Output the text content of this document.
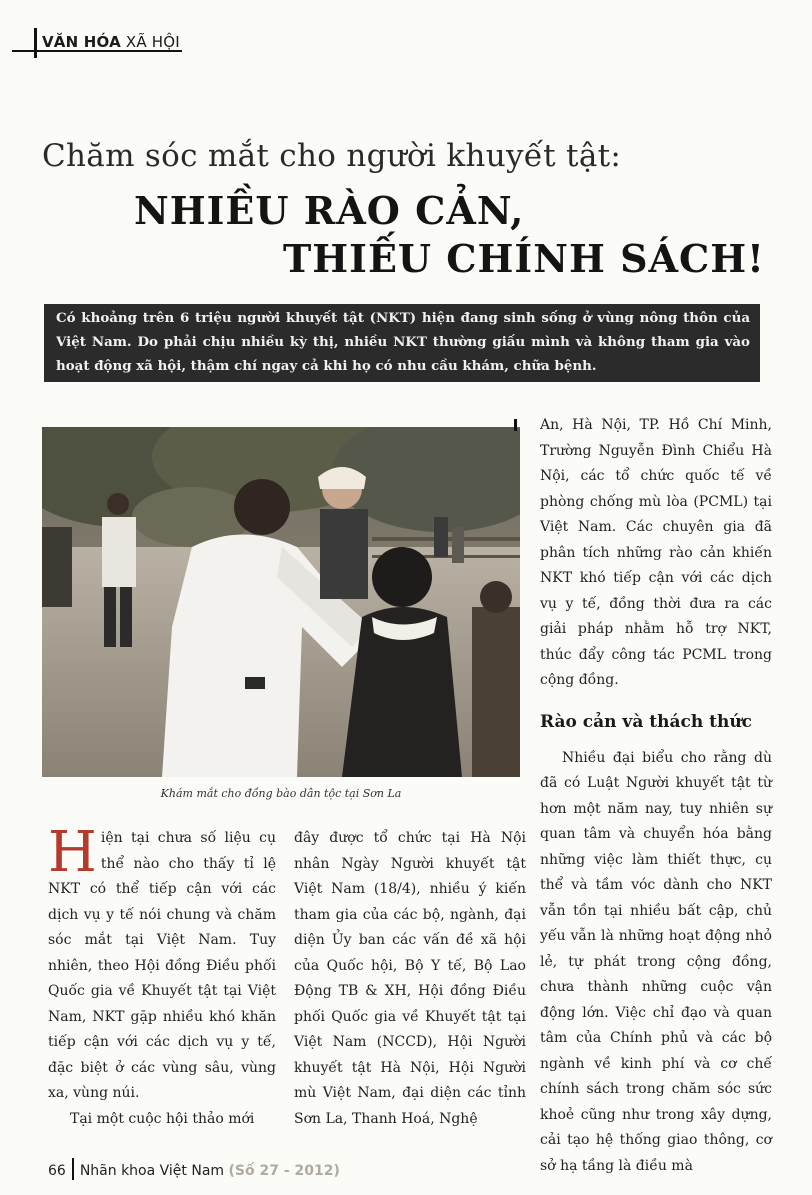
VĂN HÓA XÃ HỘI
Chăm sóc mắt cho người khuyết tật:
NHIỀU RÀO CẢN,
THIẾU CHÍNH SÁCH!
Có khoảng trên 6 triệu người khuyết tật (NKT) hiện đang sinh sống ở vùng nông thôn của Việt Nam. Do phải chịu nhiều kỳ thị, nhiều NKT thường giấu mình và không tham gia vào hoạt động xã hội, thậm chí ngay cả khi họ có nhu cầu khám, chữa bệnh.
Khám mắt cho đồng bào dân tộc tại Sơn La

An, Hà Nội, TP. Hồ Chí Minh, Trường Nguyễn Đình Chiểu Hà Nội, các tổ chức quốc tế về phòng chống mù lòa (PCML) tại Việt Nam. Các chuyên gia đã phân tích những rào cản khiến NKT khó tiếp cận với các dịch vụ y tế, đồng thời đưa ra các giải pháp nhằm hỗ trợ NKT, thúc đẩy công tác PCML trong cộng đồng.

Rào cản và thách thức

Nhiều đại biểu cho rằng dù đã có Luật Người khuyết tật từ hơn một năm nay, tuy nhiên sự quan tâm và chuyển hóa bằng những việc làm thiết thực, cụ thể và tầm vóc dành cho NKT vẫn tồn tại nhiều bất cập, chủ yếu vẫn là những hoạt động nhỏ lẻ, tự phát trong cộng đồng, chưa thành những cuộc vận động lớn. Việc chỉ đạo và quan tâm của Chính phủ và các bộ ngành về kinh phí và cơ chế chính sách trong chăm sóc sức khoẻ cũng như trong xây dựng, cải tạo hệ thống giao thông, cơ sở hạ tầng là điều mà

Hiện tại chưa số liệu cụ thể nào cho thấy tỉ lệ NKT có thể tiếp cận với các dịch vụ y tế nói chung và chăm sóc mắt tại Việt Nam. Tuy nhiên, theo Hội đồng Điều phối Quốc gia về Khuyết tật tại Việt Nam, NKT gặp nhiều khó khăn tiếp cận với các dịch vụ y tế, đặc biệt ở các vùng sâu, vùng xa, vùng núi.

Tại một cuộc hội thảo mới

đây được tổ chức tại Hà Nội nhân Ngày Người khuyết tật Việt Nam (18/4), nhiều ý kiến tham gia của các bộ, ngành, đại diện Ủy ban các vấn đề xã hội của Quốc hội, Bộ Y tế, Bộ Lao Động TB & XH, Hội đồng Điều phối Quốc gia về Khuyết tật tại Việt Nam (NCCD), Hội Người khuyết tật Hà Nội, Hội Người mù Việt Nam, đại diện các tỉnh Sơn La, Thanh Hoá, Nghệ

66 Nhãn khoa Việt Nam (Số 27 - 2012)
